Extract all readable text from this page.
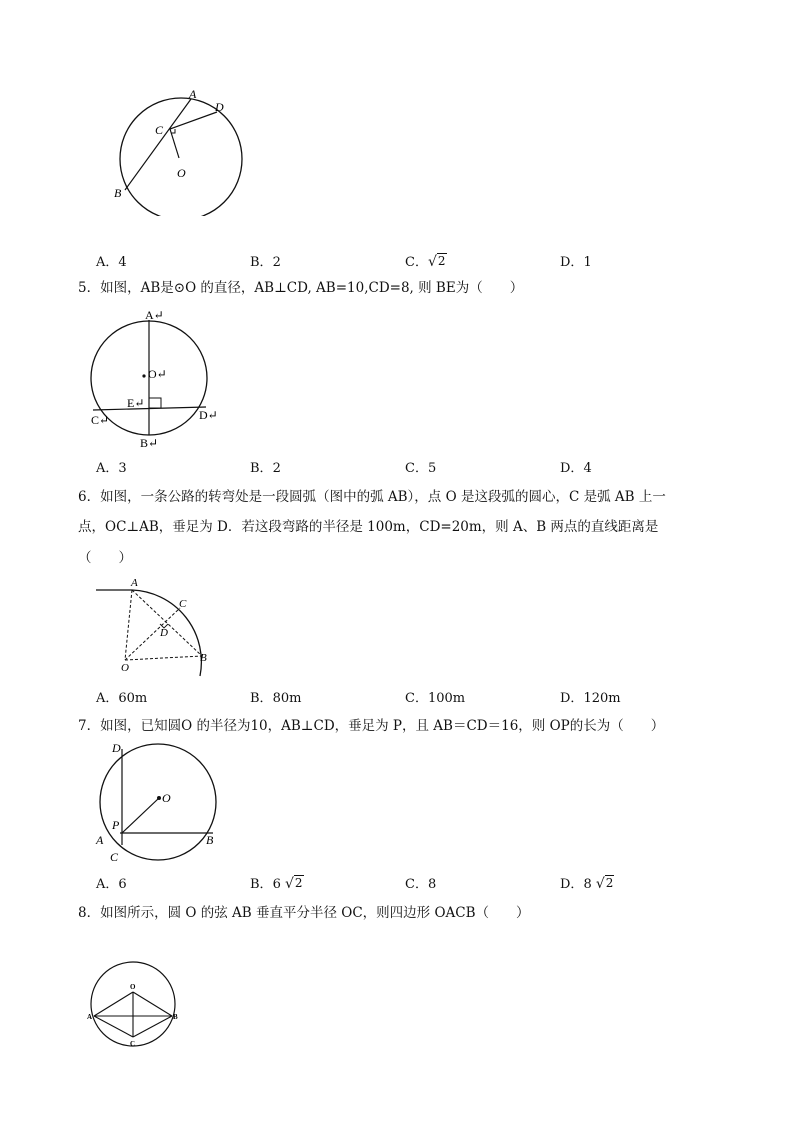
A
D
C
O
B
A．4	B．2	C．√2	D．1
5．如图，AB是⊙O 的直径，AB⊥CD, AB=10,CD=8, 则 BE为（　　）
A↵
O↵
E↵
C↵	D↵
B↵
A．3	B．2	C．5	D．4
6．如图，一条公路的转弯处是一段圆弧（图中的弧 AB），点 O 是这段弧的圆心，C 是弧 AB 上一
点，OC⊥AB，垂足为 D．若这段弯路的半径是 100m，CD=20m，则 A、B 两点的直线距离是
（　　）
A
C
D
O
B
A．60m	B．80m	C．100m	D．120m
7．如图，已知圆O 的半径为10，AB⊥CD，垂足为 P，且 AB＝CD＝16，则 OP的长为（　　）
D
O
P
A	B
C
A．6	B．6 √2	C．8	D．8 √2
8．如图所示，圆 O 的弦 AB 垂直平分半径 OC，则四边形 OACB（　　）
O
A	B
C
